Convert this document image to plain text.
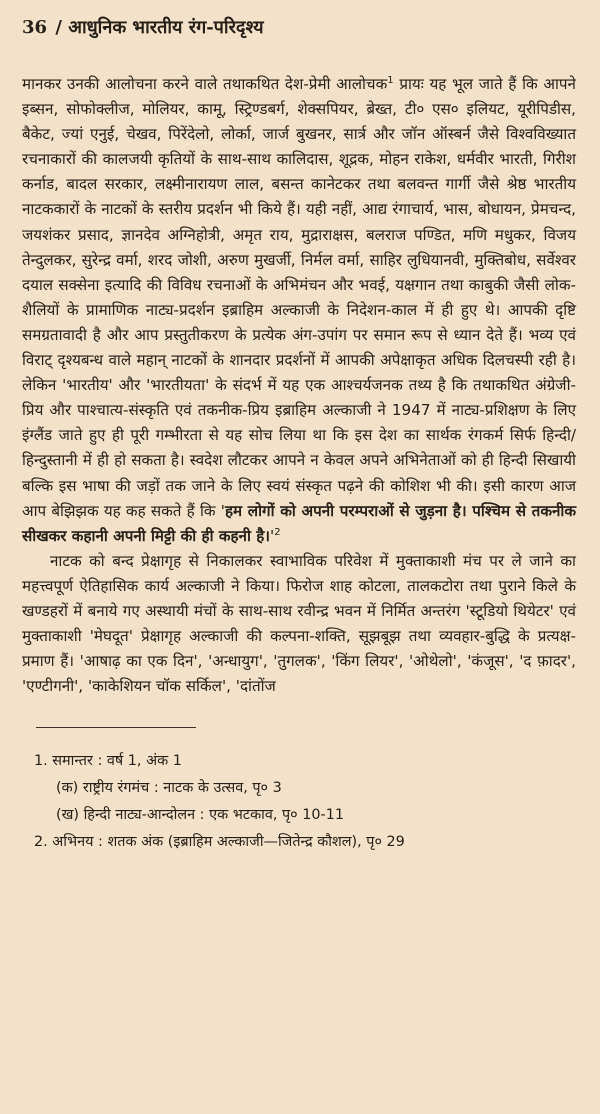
36 / आधुनिक भारतीय रंग-परिदृश्य

मानकर उनकी आलोचना करने वाले तथाकथित देश-प्रेमी आलोचक$^1$ प्रायः यह भूल जाते हैं कि आपने इब्सन, सोफोक्लीज, मोलियर, कामू, स्ट्रिण्डबर्ग, शेक्सपियर, ब्रेख्त, टी० एस० इलियट, यूरीपिडीस, बैकेट, ज्यां एनुई, चेखव, पिरेंदेलो, लोर्का, जार्ज बुखनर, सार्त्र और जॉन ऑस्बर्न जैसे विश्वविख्यात रचनाकारों की कालजयी कृतियों के साथ-साथ कालिदास, शूद्रक, मोहन राकेश, धर्मवीर भारती, गिरीश कर्नाड, बादल सरकार, लक्ष्मीनारायण लाल, बसन्त कानेटकर तथा बलवन्त गार्गी जैसे श्रेष्ठ भारतीय नाटककारों के नाटकों के स्तरीय प्रदर्शन भी किये हैं। यही नहीं, आद्य रंगाचार्य, भास, बोधायन, प्रेमचन्द, जयशंकर प्रसाद, ज्ञानदेव अग्निहोत्री, अमृत राय, मुद्राराक्षस, बलराज पण्डित, मणि मधुकर, विजय तेन्दुलकर, सुरेन्द्र वर्मा, शरद जोशी, अरुण मुखर्जी, निर्मल वर्मा, साहिर लुधियानवी, मुक्तिबोध, सर्वेश्वर दयाल सक्सेना इत्यादि की विविध रचनाओं के अभिमंचन और भवई, यक्षगान तथा काबुकी जैसी लोक-शैलियों के प्रामाणिक नाट्य-प्रदर्शन इब्राहिम अल्काजी के निदेशन-काल में ही हुए थे। आपकी दृष्टि समग्रतावादी है और आप प्रस्तुतीकरण के प्रत्येक अंग-उपांग पर समान रूप से ध्यान देते हैं। भव्य एवं विराट् दृश्यबन्ध वाले महान् नाटकों के शानदार प्रदर्शनों में आपकी अपेक्षाकृत अधिक दिलचस्पी रही है। लेकिन 'भारतीय' और 'भारतीयता' के संदर्भ में यह एक आश्चर्यजनक तथ्य है कि तथाकथित अंग्रेजी-प्रिय और पाश्चात्य-संस्कृति एवं तकनीक-प्रिय इब्राहिम अल्काजी ने 1947 में नाट्य-प्रशिक्षण के लिए इंग्लैंड जाते हुए ही पूरी गम्भीरता से यह सोच लिया था कि इस देश का सार्थक रंगकर्म सिर्फ हिन्दी/हिन्दुस्तानी में ही हो सकता है। स्वदेश लौटकर आपने न केवल अपने अभिनेताओं को ही हिन्दी सिखायी बल्कि इस भाषा की जड़ों तक जाने के लिए स्वयं संस्कृत पढ़ने की कोशिश भी की। इसी कारण आज आप बेझिझक यह कह सकते हैं कि 'हम लोगों को अपनी परम्पराओं से जुड़ना है। पश्चिम से तकनीक सीखकर कहानी अपनी मिट्टी की ही कहनी है।'$^2$

नाटक को बन्द प्रेक्षागृह से निकालकर स्वाभाविक परिवेश में मुक्ताकाशी मंच पर ले जाने का महत्त्वपूर्ण ऐतिहासिक कार्य अल्काजी ने किया। फिरोज शाह कोटला, तालकटोरा तथा पुराने किले के खण्डहरों में बनाये गए अस्थायी मंचों के साथ-साथ रवीन्द्र भवन में निर्मित अन्तरंग 'स्टूडियो थियेटर' एवं मुक्ताकाशी 'मेघदूत' प्रेक्षागृह अल्काजी की कल्पना-शक्ति, सूझबूझ तथा व्यवहार-बुद्धि के प्रत्यक्ष-प्रमाण हैं। 'आषाढ़ का एक दिन', 'अन्धायुग', 'तुगलक', 'किंग लियर', 'ओथेलो', 'कंजूस', 'द फ़ादर', 'एण्टीगनी', 'काकेशियन चॉक सर्किल', 'दांतोंज

1. समान्तर : वर्ष 1, अंक 1
(क) राष्ट्रीय रंगमंच : नाटक के उत्सव, पृ० 3
(ख) हिन्दी नाट्य-आन्दोलन : एक भटकाव, पृ० 10-11
2. अभिनय : शतक अंक (इब्राहिम अल्काजी—जितेन्द्र कौशल), पृ० 29
